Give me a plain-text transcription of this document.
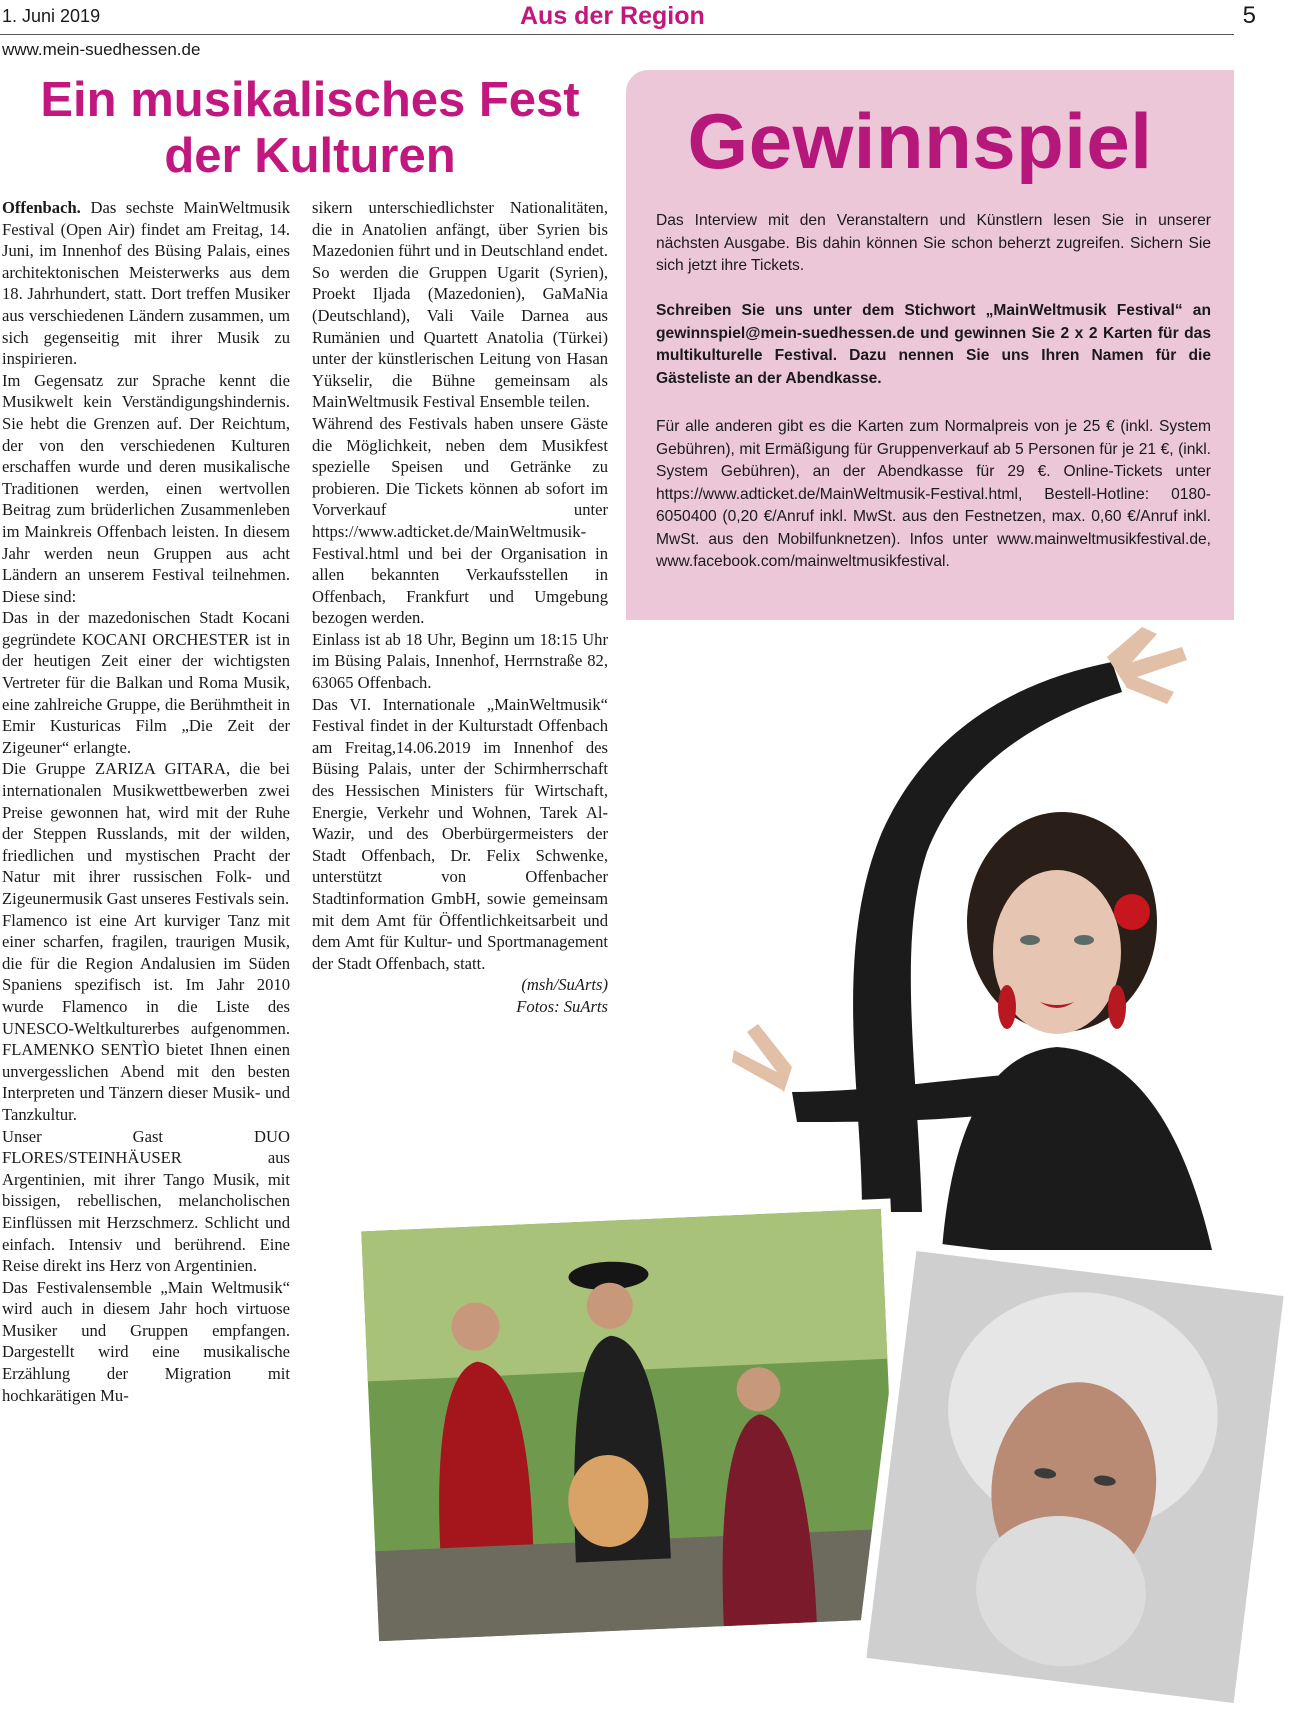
1. Juni 2019	Aus der Region	5
www.mein-suedhessen.de
Ein musikalisches Fest
der Kulturen

Offenbach. Das sechste MainWeltmusik Festival (Open Air) findet am Freitag, 14. Juni, im Innenhof des Büsing Palais, eines architektonischen Meisterwerks aus dem 18. Jahrhundert, statt. Dort treffen Musiker aus verschiedenen Ländern zusammen, um sich gegenseitig mit ihrer Musik zu inspirieren.

Im Gegensatz zur Sprache kennt die Musikwelt kein Verständigungshindernis. Sie hebt die Grenzen auf. Der Reichtum, der von den verschiedenen Kulturen erschaffen wurde und deren musikalische Traditionen werden, einen wertvollen Beitrag zum brüderlichen Zusammenleben im Mainkreis Offenbach leisten. In diesem Jahr werden neun Gruppen aus acht Ländern an unserem Festival teilnehmen. Diese sind:

Das in der mazedonischen Stadt Kocani gegründete KOCANI ORCHESTER ist in der heutigen Zeit einer der wichtigsten Vertreter für die Balkan und Roma Musik, eine zahlreiche Gruppe, die Berühmtheit in Emir Kusturicas Film „Die Zeit der Zigeuner“ erlangte.

Die Gruppe ZARIZA GITARA, die bei internationalen Musikwettbewerben zwei Preise gewonnen hat, wird mit der Ruhe der Steppen Russlands, mit der wilden, friedlichen und mystischen Pracht der Natur mit ihrer russischen Folk- und Zigeunermusik Gast unseres Festivals sein.

Flamenco ist eine Art kurviger Tanz mit einer scharfen, fragilen, traurigen Musik, die für die Region Andalusien im Süden Spaniens spezifisch ist. Im Jahr 2010 wurde Flamenco in die Liste des UNESCO-Weltkulturerbes aufgenommen. FLAMENKO SENTÌO bietet Ihnen einen unvergesslichen Abend mit den besten Interpreten und Tänzern dieser Musik- und Tanzkultur.

Unser Gast DUO FLORES/STEINHÄUSER aus Argentinien, mit ihrer Tango Musik, mit bissigen, rebellischen, melancholischen Einflüssen mit Herzschmerz. Schlicht und einfach. Intensiv und berührend. Eine Reise direkt ins Herz von Argentinien.

Das Festivalensemble „Main Weltmusik“ wird auch in diesem Jahr hoch virtuose Musiker und Gruppen empfangen. Dargestellt wird eine musikalische Erzählung der Migration mit hochkarätigen Mu-

sikern unterschiedlichster Nationalitäten, die in Anatolien anfängt, über Syrien bis Mazedonien führt und in Deutschland endet. So werden die Gruppen Ugarit (Syrien), Proekt Iljada (Mazedonien), GaMaNia (Deutschland), Vali Vaile Darnea aus Rumänien und Quartett Anatolia (Türkei) unter der künstlerischen Leitung von Hasan Yükselir, die Bühne gemeinsam als MainWeltmusik Festival Ensemble teilen.

Während des Festivals haben unsere Gäste die Möglichkeit, neben dem Musikfest spezielle Speisen und Getränke zu probieren. Die Tickets können ab sofort im Vorverkauf unter https://www.adticket.de/MainWeltmusik-Festival.html und bei der Organisation in allen bekannten Verkaufsstellen in Offenbach, Frankfurt und Umgebung bezogen werden.

Einlass ist ab 18 Uhr, Beginn um 18:15 Uhr im Büsing Palais, Innenhof, Herrnstraße 82, 63065 Offenbach.

Das VI. Internationale „MainWeltmusik“ Festival findet in der Kulturstadt Offenbach am Freitag,14.06.2019 im Innenhof des Büsing Palais, unter der Schirmherrschaft des Hessischen Ministers für Wirtschaft, Energie, Verkehr und Wohnen, Tarek Al-Wazir, und des Oberbürgermeisters der Stadt Offenbach, Dr. Felix Schwenke, unterstützt von Offenbacher Stadtinformation GmbH, sowie gemeinsam mit dem Amt für Öffentlichkeitsarbeit und dem Amt für Kultur- und Sportmanagement der Stadt Offenbach, statt.

(msh/SuArts)

Fotos: SuArts

Gewinnspiel
Das Interview mit den Veranstaltern und Künstlern lesen Sie in unserer nächsten Ausgabe. Bis dahin können Sie schon beherzt zugreifen. Sichern Sie sich jetzt ihre Tickets.
Schreiben Sie uns unter dem Stichwort „MainWeltmusik Festival“ an gewinnspiel@mein-suedhessen.de und gewinnen Sie 2 x 2 Karten für das multikulturelle Festival. Dazu nennen Sie uns Ihren Namen für die Gästeliste an der Abendkasse.
Für alle anderen gibt es die Karten zum Normalpreis von je 25 € (inkl. System Gebühren), mit Ermäßigung für Gruppenverkauf ab 5 Personen für je 21 €, (inkl. System Gebühren), an der Abendkasse für 29 €. Online-Tickets unter https://www.adticket.de/MainWeltmusik-Festival.html, Bestell-Hotline: 0180-6050400 (0,20 €/Anruf inkl. MwSt. aus den Festnetzen, max. 0,60 €/Anruf inkl. MwSt. aus den Mobilfunknetzen). Infos unter www.mainweltmusikfestival.de, www.facebook.com/mainweltmusikfestival.
